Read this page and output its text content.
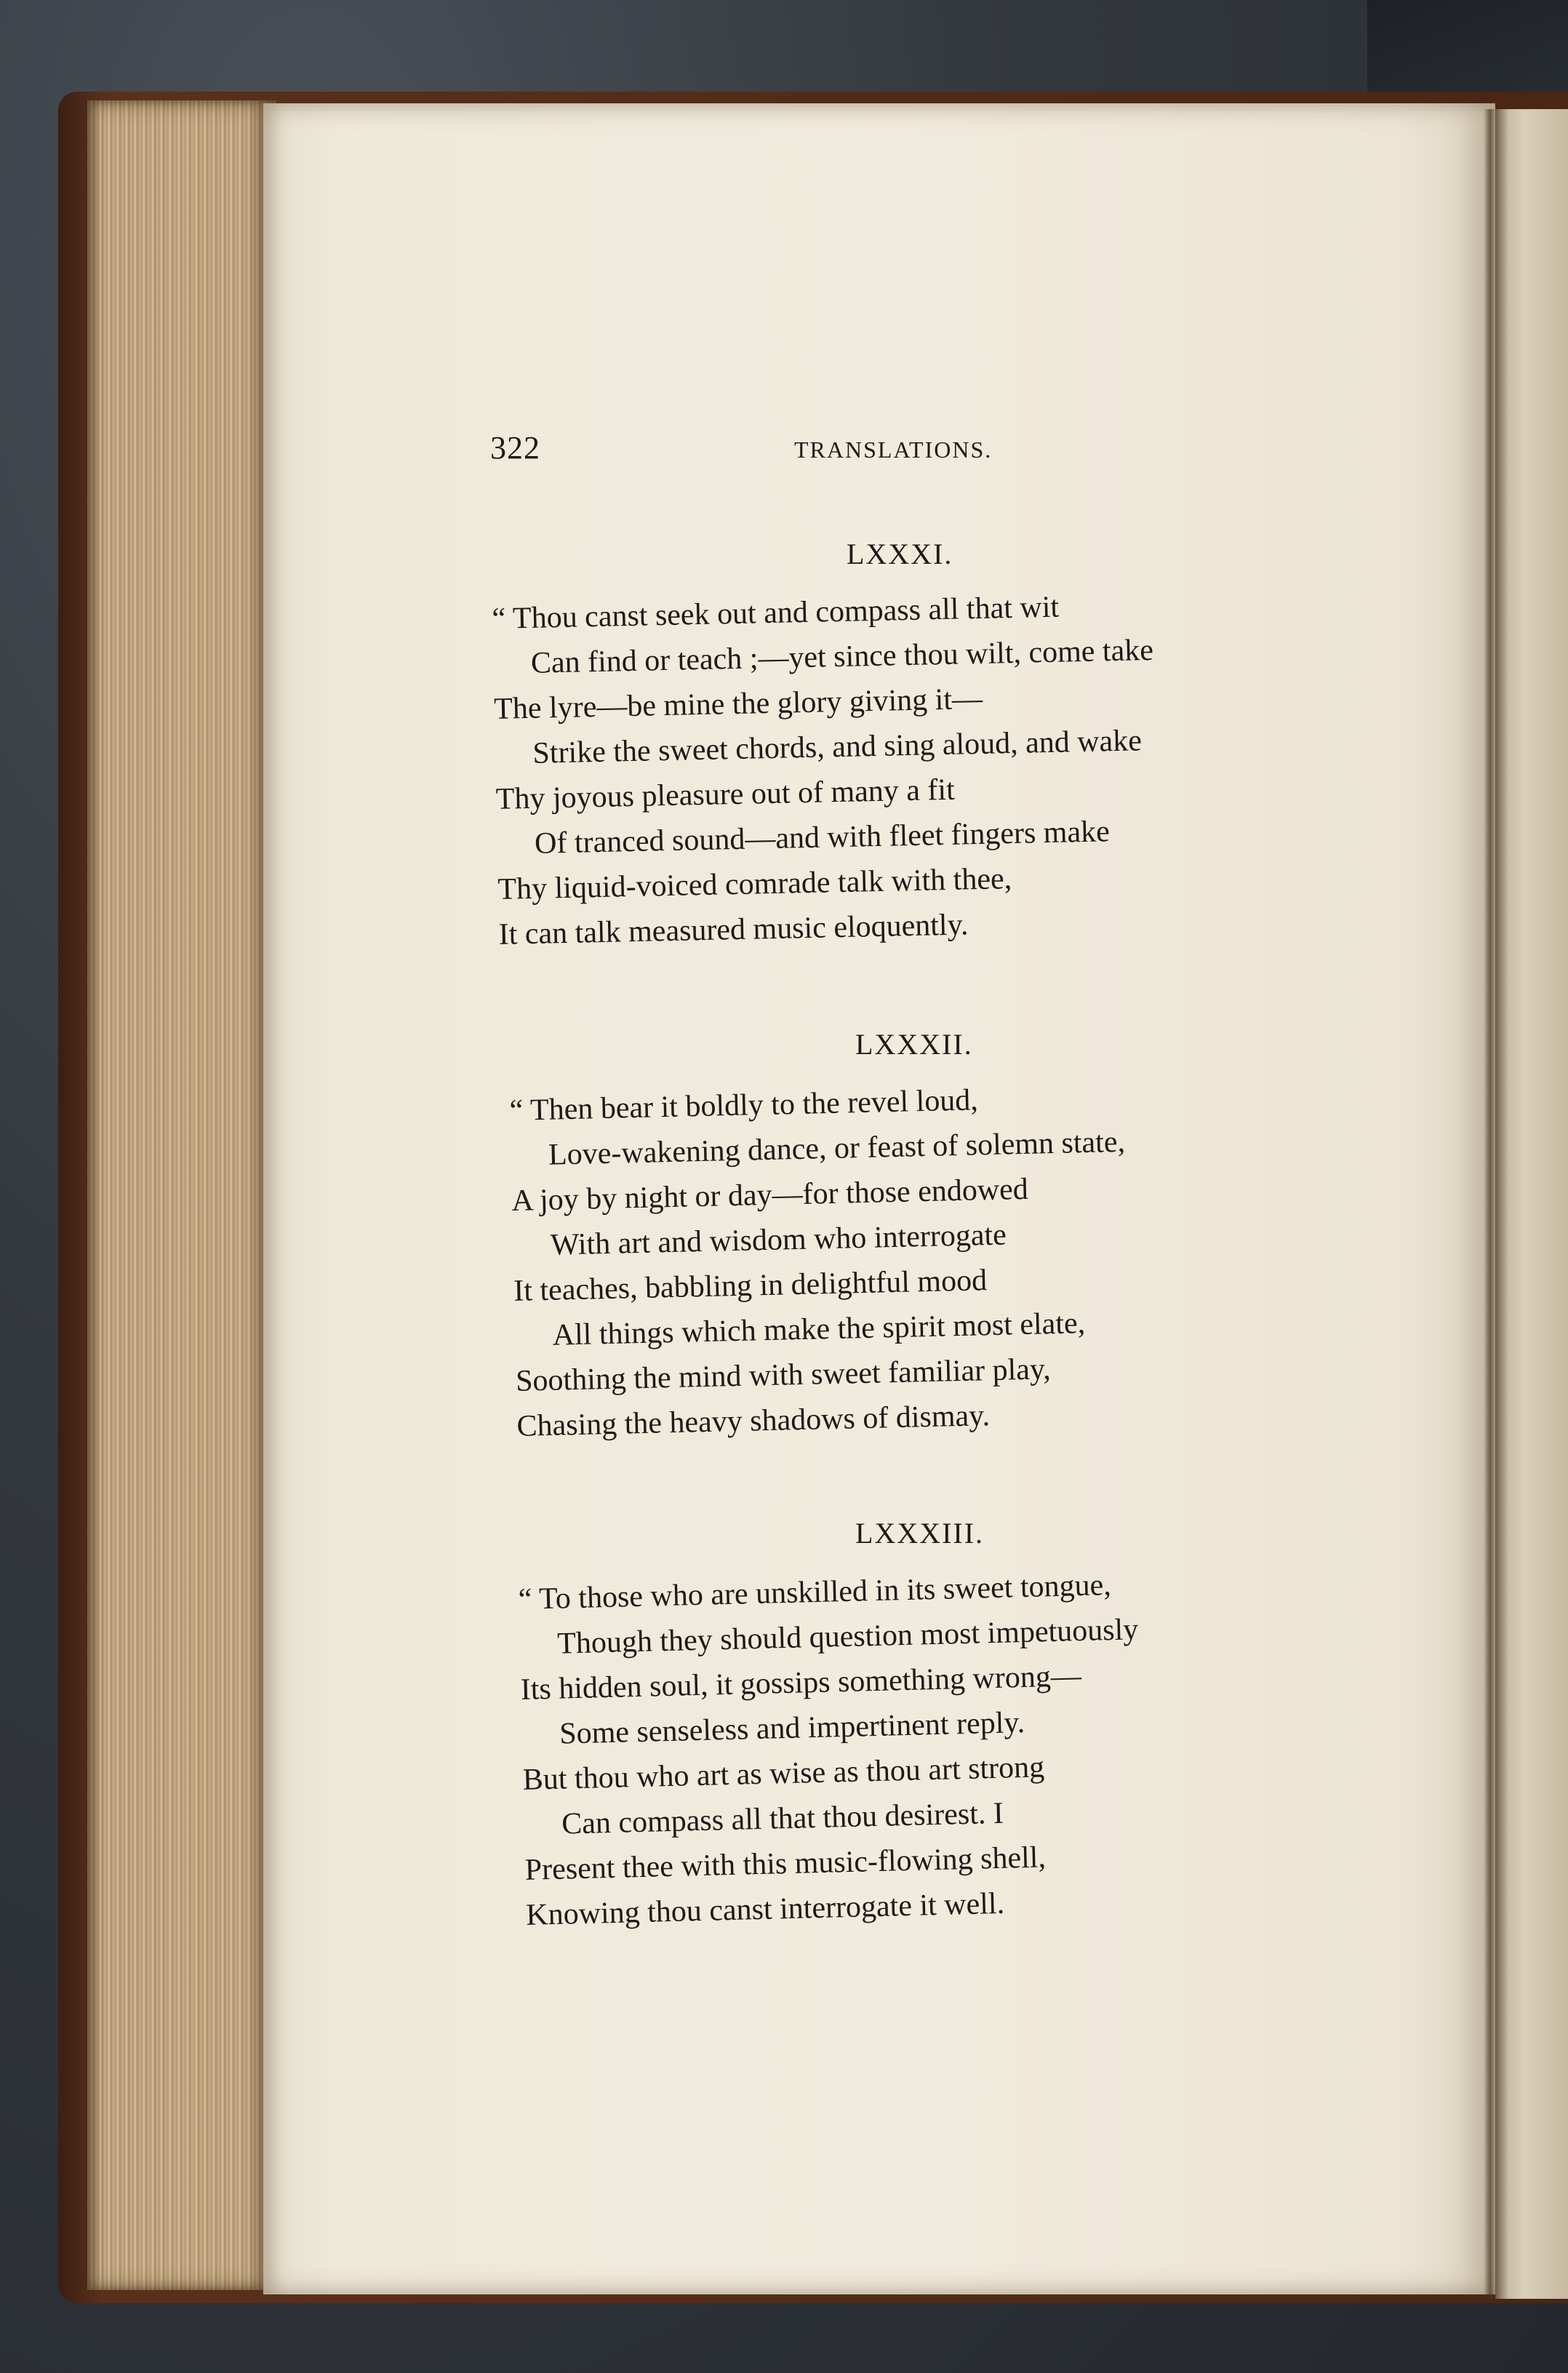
322	TRANSLATIONS.
LXXXI.
“ Thou canst seek out and compass all that wit
Can find or teach ;—yet since thou wilt, come take
The lyre—be mine the glory giving it—
Strike the sweet chords, and sing aloud, and wake
Thy joyous pleasure out of many a fit
Of tranced sound—and with fleet fingers make
Thy liquid-voiced comrade talk with thee,
It can talk measured music eloquently.
LXXXII.
“ Then bear it boldly to the revel loud,
Love-wakening dance, or feast of solemn state,
A joy by night or day—for those endowed
With art and wisdom who interrogate
It teaches, babbling in delightful mood
All things which make the spirit most elate,
Soothing the mind with sweet familiar play,
Chasing the heavy shadows of dismay.
LXXXIII.
“ To those who are unskilled in its sweet tongue,
Though they should question most impetuously
Its hidden soul, it gossips something wrong—
Some senseless and impertinent reply.
But thou who art as wise as thou art strong
Can compass all that thou desirest. I
Present thee with this music-flowing shell,
Knowing thou canst interrogate it well.
